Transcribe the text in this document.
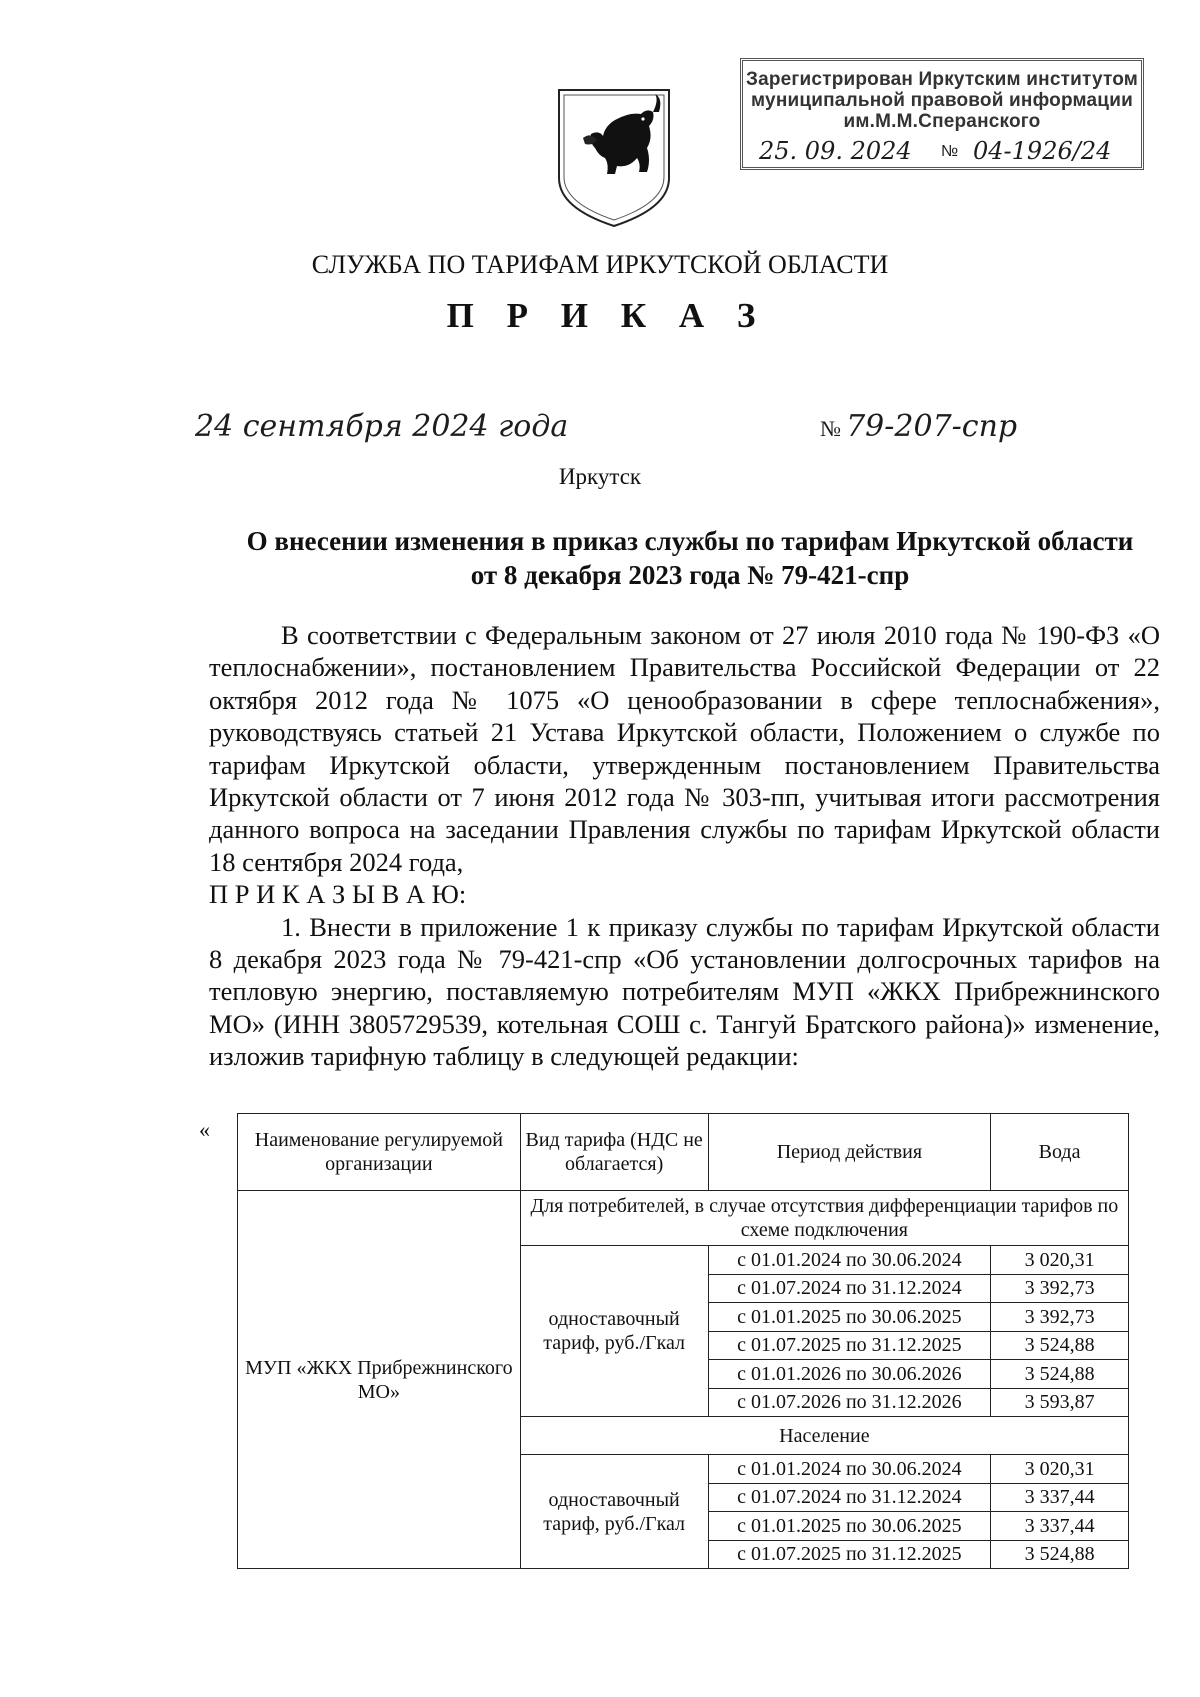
Зарегистрирован Иркутским институтом
муниципальной правовой информации
им.М.М.Сперанского
25. 09. 2024 № 04-1926/24
СЛУЖБА ПО ТАРИФАМ ИРКУТСКОЙ ОБЛАСТИ
П Р И К А З
24 сентября 2024 года	№ 79-207-спр
Иркутск
О внесении изменения в приказ службы по тарифам Иркутской области
от 8 декабря 2023 года № 79-421-спр

В соответствии с Федеральным законом от 27 июля 2010 года № 190-ФЗ «О теплоснабжении», постановлением Правительства Российской Федерации от 22 октября 2012 года № 1075 «О ценообразовании в сфере теплоснабжения», руководствуясь статьей 21 Устава Иркутской области, Положением о службе по тарифам Иркутской области, утвержденным постановлением Правительства Иркутской области от 7 июня 2012 года № 303-пп, учитывая итоги рассмотрения данного вопроса на заседании Правления службы по тарифам Иркутской области 18 сентября 2024 года,

П Р И К А З Ы В А Ю:

1. Внести в приложение 1 к приказу службы по тарифам Иркутской области 8 декабря 2023 года № 79-421-спр «Об установлении долгосрочных тарифов на тепловую энергию, поставляемую потребителям МУП «ЖКХ Прибрежнинского МО» (ИНН 3805729539, котельная СОШ с. Тангуй Братского района)» изменение, изложив тарифную таблицу в следующей редакции:

« Наименование регулируемой организации	Вид тарифа (НДС не облагается)	Период действия	Вода
МУП «ЖКХ Прибрежнинского МО»	Для потребителей, в случае отсутствия дифференциации тарифов по схеме подключения		
	одноставочный тариф, руб./Гкал	с 01.01.2024 по 30.06.2024	3 020,31
		с 01.07.2024 по 31.12.2024	3 392,73
		с 01.01.2025 по 30.06.2025	3 392,73
		с 01.07.2025 по 31.12.2025	3 524,88
		с 01.01.2026 по 30.06.2026	3 524,88
		с 01.07.2026 по 31.12.2026	3 593,87
	Население		
	одноставочный тариф, руб./Гкал	с 01.01.2024 по 30.06.2024	3 020,31
		с 01.07.2024 по 31.12.2024	3 337,44
		с 01.01.2025 по 30.06.2025	3 337,44
		с 01.07.2025 по 31.12.2025	3 524,88
